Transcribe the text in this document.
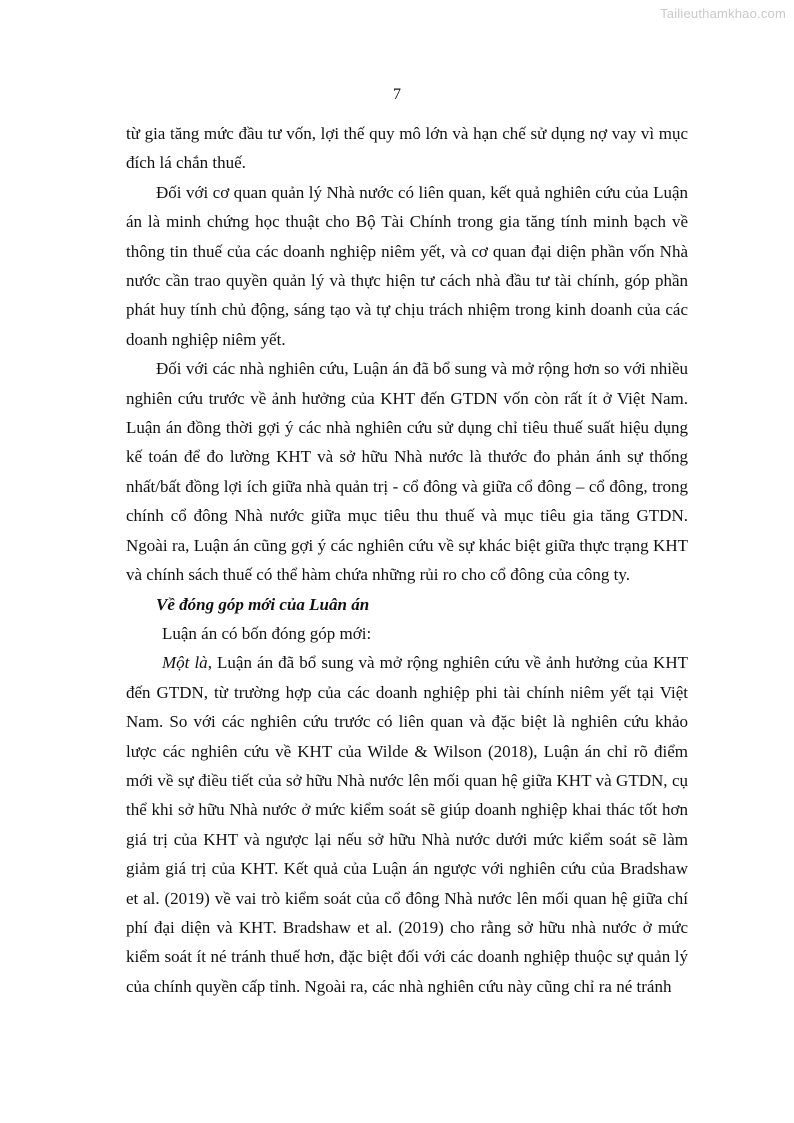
Tailieuthamkhao.com
7

từ gia tăng mức đầu tư vốn, lợi thế quy mô lớn và hạn chế sử dụng nợ vay vì mục đích lá chắn thuế.

Đối với cơ quan quản lý Nhà nước có liên quan, kết quả nghiên cứu của Luận án là minh chứng học thuật cho Bộ Tài Chính trong gia tăng tính minh bạch về thông tin thuế của các doanh nghiệp niêm yết, và cơ quan đại diện phần vốn Nhà nước cần trao quyền quản lý và thực hiện tư cách nhà đầu tư tài chính, góp phần phát huy tính chủ động, sáng tạo và tự chịu trách nhiệm trong kinh doanh của các doanh nghiệp niêm yết.

Đối với các nhà nghiên cứu, Luận án đã bổ sung và mở rộng hơn so với nhiều nghiên cứu trước về ảnh hưởng của KHT đến GTDN vốn còn rất ít ở Việt Nam. Luận án đồng thời gợi ý các nhà nghiên cứu sử dụng chỉ tiêu thuế suất hiệu dụng kế toán để đo lường KHT và sở hữu Nhà nước là thước đo phản ánh sự thống nhất/bất đồng lợi ích giữa nhà quản trị - cổ đông và giữa cổ đông – cổ đông, trong chính cổ đông Nhà nước giữa mục tiêu thu thuế và mục tiêu gia tăng GTDN. Ngoài ra, Luận án cũng gợi ý các nghiên cứu về sự khác biệt giữa thực trạng KHT và chính sách thuế có thể hàm chứa những rủi ro cho cổ đông của công ty.

Về đóng góp mới của Luân án

Luận án có bốn đóng góp mới:

Một là, Luận án đã bổ sung và mở rộng nghiên cứu về ảnh hưởng của KHT đến GTDN, từ trường hợp của các doanh nghiệp phi tài chính niêm yết tại Việt Nam. So với các nghiên cứu trước có liên quan và đặc biệt là nghiên cứu khảo lược các nghiên cứu về KHT của Wilde & Wilson (2018), Luận án chỉ rõ điểm mới về sự điều tiết của sở hữu Nhà nước lên mối quan hệ giữa KHT và GTDN, cụ thể khi sở hữu Nhà nước ở mức kiểm soát sẽ giúp doanh nghiệp khai thác tốt hơn giá trị của KHT và ngược lại nếu sở hữu Nhà nước dưới mức kiểm soát sẽ làm giảm giá trị của KHT. Kết quả của Luận án ngược với nghiên cứu của Bradshaw et al. (2019) về vai trò kiểm soát của cổ đông Nhà nước lên mối quan hệ giữa chí phí đại diện và KHT. Bradshaw et al. (2019) cho rằng sở hữu nhà nước ở mức kiểm soát ít né tránh thuế hơn, đặc biệt đối với các doanh nghiệp thuộc sự quản lý của chính quyền cấp tỉnh. Ngoài ra, các nhà nghiên cứu này cũng chỉ ra né tránh
